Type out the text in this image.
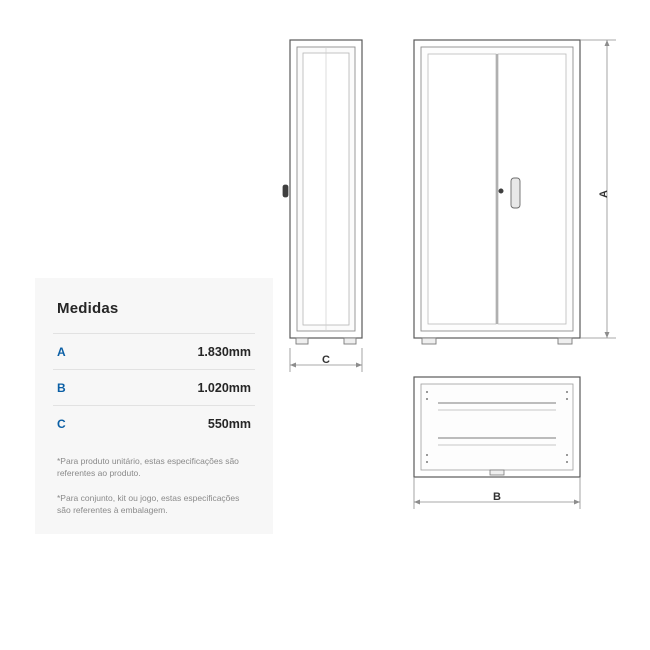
Medidas
A	1.830mm
B	1.020mm
C	550mm
*Para produto unitário, estas especificações são referentes ao produto.
*Para conjunto, kit ou jogo, estas especificações são referentes à embalagem.
C
A
B
